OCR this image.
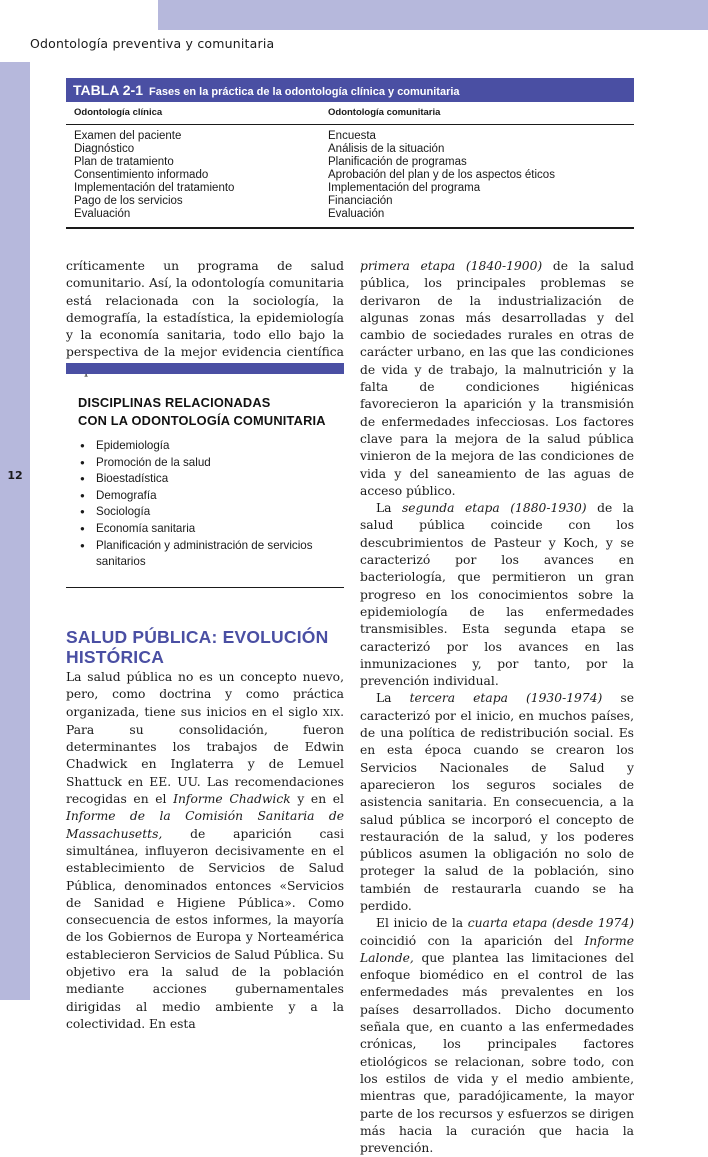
Odontología preventiva y comunitaria
12
TABLA 2-1 Fases en la práctica de la odontología clínica y comunitaria
Odontología clínica	Odontología comunitaria
Examen del paciente
Diagnóstico
Plan de tratamiento
Consentimiento informado
Implementación del tratamiento
Pago de los servicios
Evaluación
Encuesta
Análisis de la situación
Planificación de programas
Aprobación del plan y de los aspectos éticos
Implementación del programa
Financiación
Evaluación

críticamente un programa de salud comunitario. Así, la odontología comunitaria está relacionada con la sociología, la demografía, la estadística, la epidemiología y la economía sanitaria, todo ello bajo la perspectiva de la mejor evidencia científica

DISCIPLINAS RELACIONADAS
CON LA ODONTOLOGÍA COMUNITARIA
● Epidemiología
● Promoción de la salud
● Bioestadística
● Demografía
● Sociología
● Economía sanitaria
● Planificación y administración de servicios sanitarios
SALUD PÚBLICA: EVOLUCIÓN
HISTÓRICA

La salud pública no es un concepto nuevo, pero, como doctrina y como práctica organizada, tiene sus inicios en el siglo XIX. Para su consolidación, fueron determinantes los trabajos de Edwin Chadwick en Inglaterra y de Lemuel Shattuck en EE. UU. Las recomendaciones recogidas en el Informe Chadwick y en el Informe de la Comisión Sanitaria de Massachusetts, de aparición casi simultánea, influyeron decisivamente en el establecimiento de Servicios de Salud Pública, denominados entonces «Servicios de Sanidad e Higiene Pública». Como consecuencia de estos informes, la mayoría de los Gobiernos de Europa y Norteamérica establecieron Servicios de Salud Pública. Su objetivo era la salud de la población mediante acciones gubernamentales dirigidas al medio ambiente y a la colectividad. En esta

primera etapa (1840-1900) de la salud pública, los principales problemas se derivaron de la industrialización de algunas zonas más desarrolladas y del cambio de sociedades rurales en otras de carácter urbano, en las que las condiciones de vida y de trabajo, la malnutrición y la falta de condiciones higiénicas favorecieron la aparición y la transmisión de enfermedades infecciosas. Los factores clave para la mejora de la salud pública vinieron de la mejora de las condiciones de vida y del saneamiento de las aguas de acceso público.

La segunda etapa (1880-1930) de la salud pública coincide con los descubrimientos de Pasteur y Koch, y se caracterizó por los avances en bacteriología, que permitieron un gran progreso en los conocimientos sobre la epidemiología de las enfermedades transmisibles. Esta segunda etapa se caracterizó por los avances en las inmunizaciones y, por tanto, por la prevención individual.

La tercera etapa (1930-1974) se caracterizó por el inicio, en muchos países, de una política de redistribución social. Es en esta época cuando se crearon los Servicios Nacionales de Salud y aparecieron los seguros sociales de asistencia sanitaria. En consecuencia, a la salud pública se incorporó el concepto de restauración de la salud, y los poderes públicos asumen la obligación no solo de proteger la salud de la población, sino también de restaurarla cuando se ha perdido.

El inicio de la cuarta etapa (desde 1974) coincidió con la aparición del Informe Lalonde, que plantea las limitaciones del enfoque biomédico en el control de las enfermedades más prevalentes en los países desarrollados. Dicho documento señala que, en cuanto a las enfermedades crónicas, los principales factores etiológicos se relacionan, sobre todo, con los estilos de vida y el medio ambiente, mientras que, paradójicamente, la mayor parte de los recursos y esfuerzos se dirigen más hacia la curación que hacia la prevención.
